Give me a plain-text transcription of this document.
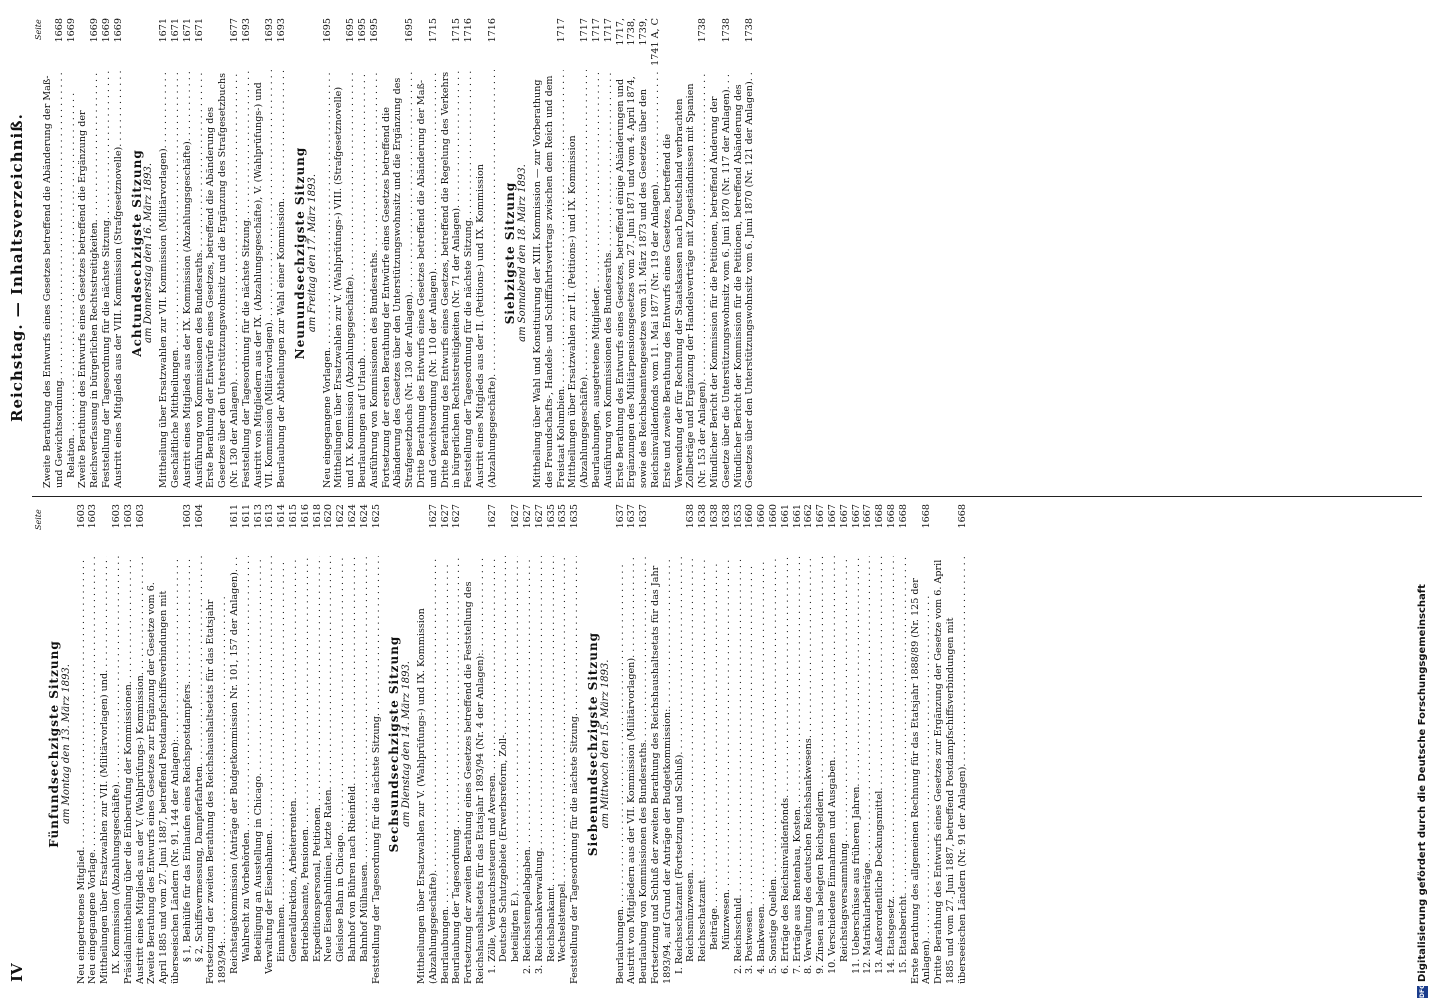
IV
Reichstag. — Inhaltsverzeichniß.
Seite
Seite
Fünfundsechzigste Sitzung am Montag den 13. März 1893.
Neu eingetretenes Mitglied . . .
1603
Neu eingegangene Vorlage . . .
1603
Mittheilungen über Ersatzwahlen zur VII. (Militärvorlagen) und . . . IX. Kommission (Abzahlungsgeschäfte) . . .
1603
Präsidialmittheilung über die Einberufung der Kommissionen . . .
1603
Austritt eines Mitglieds aus der V. (Wahlprüfungs-) Kommission . . .
1603
Zweite Berathung des Entwurfs eines Gesetzes zur Ergänzung der Gesetze vom 6. April 1885 und vom 27. Juni 1887, betreffend Postdampfschiffsverbindungen mit überseeischen Ländern (Nr. 91, 144 der Anlagen): . . . § 1, Beihülfe für das Einlaufen eines Reichspostdampfers . . .
1603
§ 2, Schiffsvermessung, Dampferfahrten . . .
1604
Fortsetzung der zweiten Berathung des Reichshaushaltsetats für das Etatsjahr 1893/94: . . . Reichstagskommission (Anträge der Budgetkommission Nr. 101, 157 der Anlagen) . . .
1611
Wahlrecht zu Vorbehörden . . .
1611
Beteiligung an Ausstellung in Chicago . . .
1613
Verwaltung der Eisenbahnen . . .
1613
Einnahmen . . .
1614
Generaldirektion, Arbeiterrenten . . .
1615
Betriebsbeamte, Pensionen . . .
1616
Expeditionspersonal, Petitionen . . .
1618
Neue Eisenbahnlinien, letzte Raten . . .
1620
Gleislose Bahn in Chicago . . .
1622
Bahnhof von Bühren nach Rheinfeld . . .
1624
Bahnhof Mülhausen . . .
1624
Feststellung der Tagesordnung für die nächste Sitzung . . .
1625
Sechsundsechzigste Sitzung am Dienstag den 14. März 1893. Mittheilungen über Ersatzwahlen zur V. (Wahlprüfungs-) und IX. Kommission (Abzahlungsgeschäfte) . . .
1627
Beurlaubungen . . .
1627
Beurlaubung der Tagesordnung . . .
1627
Fortsetzung der zweiten Berathung eines Gesetzes betreffend die Feststellung des Reichshaushaltsetats für das Etatsjahr 1893/94 (Nr. 4 der Anlagen): . . . 1. Zölle, Verbrauchssteuern und Aversen . . .
1627
Deutsche Schutzgebiete (Erwerbsreform, Zoll- . . . beteiligten E.) . . .
1627
2. Reichsstempelabgaben . . .
1627
3. Reichsbankverwaltung . . .
1627
Reichsbankamt . . .
1635
Wechselstempel . . .
1635
Feststellung der Tagesordnung für die nächste Sitzung . . .
1635
Siebenundsechzigste Sitzung am Mittwoch den 15. März 1893.
Beurlaubungen . . .
1637
Austritt von Mitgliedern aus der VII. Kommission (Militärvorlagen) . . .
1637
Beurlaubung von Kommissionen des Bundesraths . . .
1637
Fortsetzung und Schluß der zweiten Berathung des Reichshaushaltsetats für das Jahr 1893/94, auf Grund der Anträge der Budgetkommission: . . . I. Reichsschatzamt (Fortsetzung und Schluß) . . . Reichsmünzwesen . . .
1638
Reichsschatzamt . . .
1638
Beiträge . . .
1638
Münzwesen . . .
1638
2. Reichsschuld . . .
1653
3. Postwesen . . .
1660
4. Bankwesen . . .
1660
5. Sonstige Quellen . . .
1660
6. Erträge des Reichsinvalidenfonds . . .
1661
7. Erträge aus Rentenbau, Kosten . . .
1661
8. Verwaltung des deutschen Reichsbankwesens . . .
1662
9. Zinsen aus belegten Reichsgeldern . . .
1667
10. Verschiedene Einnahmen und Ausgaben . . .
1667
Reichstagsversammlung . . .
1667
11. Ueberschüsse aus früheren Jahren . . .
1667
12. Matrikularbeiträge . . .
1667
13. Außerordentliche Deckungsmittel . . .
1668
14. Etatsgesetz . . .
1668
15. Etatsbericht . . .
1668
Erste Berathung des allgemeinen Rechnung für das Etatsjahr 1888/89 (Nr. 125 der Anlagen) . . .
1668
Dritte Berathung des Entwurfs eines Gesetzes zur Ergänzung der Gesetze vom 6. April 1885 und vom 27. Juni 1887, betreffend Postdampfschiffsverbindungen mit überseeischen Ländern (Nr. 91 der Anlagen) . . .
1668
Zweite Berathung des Entwurfs eines Gesetzes betreffend die Abänderung der Maß- und Gewichtsordnung . . .
1668
Relation . . .
1669
Zweite Berathung des Entwurfs eines Gesetzes betreffend die Ergänzung der Reichsverfassung in bürgerlichen Rechtsstreitigkeiten . . .
1669
Feststellung der Tagesordnung für die nächste Sitzung . . .
1669
Austritt eines Mitglieds aus der VIII. Kommission (Strafgesetznovelle) . . .
1669
Achtundsechzigste Sitzung am Donnerstag den 16. März 1893. Mittheilung über Ersatzwahlen zur VII. Kommission (Militärvorlagen) . . .
1671
Geschäftliche Mittheilungen . . .
1671
Austritt eines Mitglieds aus der IX. Kommission (Abzahlungsgeschäfte) . . .
1671
Ausführung von Kommissionen des Bundesraths . . .
1671
Erste Berathung der Entwürfe eines Gesetzes, betreffend die Abänderung des Gesetzes über den Unterstützungswohnsitz und die Ergänzung des Strafgesetzbuchs (Nr. 130 der Anlagen) . . .
1677
Feststellung der Tagesordnung für die nächste Sitzung . . .
1693
Austritt von Mitgliedern aus der IX. (Abzahlungsgeschäfte), V. (Wahlprüfungs-) und VII. Kommission (Militärvorlagen) . . .
1693
Beurlaubung der Abtheilungen zur Wahl einer Kommission . . .
1693
Neunundsechzigste Sitzung am Freitag den 17. März 1893.
Neu eingegangene Vorlagen . . .
1695
Mittheilungen über Ersatzwahlen zur V. (Wahlprüfungs-) VIII. (Strafgesetznovelle) und IX. Kommission (Abzahlungsgeschäfte) . . .
1695
Beurlaubungen auf Urlaub . . .
1695
Ausführung von Kommissionen des Bundesraths . . .
1695
Fortsetzung der ersten Berathung der Entwürfe eines Gesetzes betreffend die Abänderung des Gesetzes über den Unterstützungswohnsitz und die Ergänzung des Strafgesetzbuchs (Nr. 130 der Anlagen) . . .
1695
Dritte Berathung des Entwurfs eines Gesetzes betreffend die Abänderung der Maß- und Gewichtsordnung (Nr. 110 der Anlagen) . . .
1715
Dritte Berathung des Entwurfs eines Gesetzes, betreffend die Regelung des Verkehrs in bürgerlichen Rechtsstreitigkeiten (Nr. 71 der Anlagen) . . .
1715
Feststellung der Tagesordnung für die nächste Sitzung . . .
1716
Austritt eines Mitglieds aus der II. (Petitions-) und IX. Kommission (Abzahlungsgeschäfte) . . .
1716
Siebzigste Sitzung am Sonnabend den 18. März 1893. Mittheilung über Wahl und Konstituirung der XIII. Kommission — zur Vorberathung des Freundschafts-, Handels- und Schifffahrtsvertrags zwischen dem Reich und dem Freistaat Kolumbien . . .
1717
Mittheilungen über Ersatzwahlen zur II. (Petitions-) und IX. Kommission (Abzahlungsgeschäfte) . . .
1717
Beurlaubungen, ausgetretene Mitglieder . . .
1717
Ausführung von Kommissionen des Bundesraths . . .
1717
Erste Berathung des Entwurfs eines Gesetzes, betreffend einige Abänderungen und Ergänzungen des Militärpensionsgesetzes vom 27. Juni 1871 und vom 4. April 1874, sowie des Reichsbeamtengesetzes vom 31. März 1873 und des Gesetzes über den Reichsinvalidenfonds vom 11. Mai 1877 (Nr. 119 der Anlagen) . . .
1717, 1738, 1739, 1741 A, C
Erste und zweite Berathung des Entwurfs eines Gesetzes, betreffend die Verwendung der für Rechnung der Staatskassen nach Deutschland verbrachten Zollbeträge und Ergänzung der Handelsverträge mit Zugeständnissen mit Spanien (Nr. 153 der Anlagen) . . .
1738
Mündlicher Bericht der Kommission für die Petitionen, betreffend Änderung der Gesetze über die Unterstützungswohnsitz vom 6. Juni 1870 (Nr. 117 der Anlagen) . . .
1738
Mündlicher Bericht der Kommission für die Petitionen, betreffend Abänderung des Gesetzes über den Unterstützungswohnsitz vom 6. Juni 1870 (Nr. 121 der Anlagen) . . .
1738
DFG
Digitalisierung gefördert durch die Deutsche Forschungsgemeinschaft
